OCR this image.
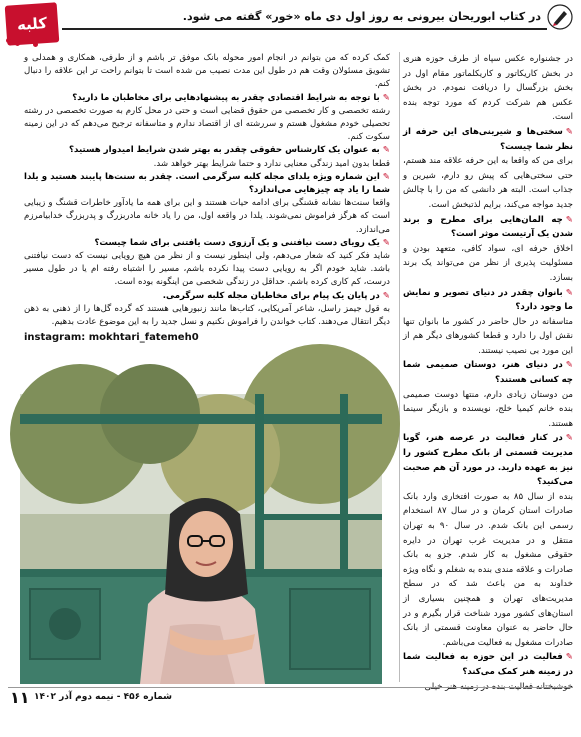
کلبه	در کتاب ابوریحان بیرونی به روز اول دی ماه «خور» گفته می شود.
در جشنواره عکس سپاه از طرف حوزه هنری در بخش کاریکاتور و کاریکلماتور مقام اول در بخش بزرگسال را دریافت نمودم. در بخش عکس هم شرکت کردم که مورد توجه بنده است.
✎سختی‌ها و شیرینی‌های این حرفه از نظر شما چیست؟
برای من که واقعا به این حرفه علاقه مند هستم، حتی سختی‌هایی که پیش رو دارم، شیرین و جذاب است. البته هر دانشی که من را با چالش جدید مواجه می‌کند، برایم لذتبخش است.
✎چه المان‌هایی برای مطرح و برند شدن یک آرتیست موثر است؟
اخلاق حرفه ای، سواد کافی، متعهد بودن و مسئولیت پذیری از نظر من می‌تواند یک برند بسازد.
✎بانوان چقدر در دنیای تصویر و نمایش ما وجود دارد؟
متاسفانه در حال حاضر در کشور ما بانوان تنها نقش اول را دارد و قطعا کشورهای دیگر هم از این مورد بی نصیب نیستند.
✎در دنیای هنر، دوستان صمیمی شما چه کسانی هستند؟
من دوستان زیادی دارم، منتها دوست صمیمی بنده خانم کیمیا خلج، نویسنده و بازیگر سینما هستند.
✎در کنار فعالیت در عرصه هنر، گویا مدیریت قسمتی از بانک مطرح کشور را نیز به عهده دارید. در مورد آن هم صحبت می‌کنید؟
بنده از سال ۸۵ به صورت افتخاری وارد بانک صادرات استان کرمان و در سال ۸۷ استخدام رسمی این بانک شدم. در سال ۹۰ به تهران منتقل و در مدیریت غرب تهران در دایره حقوقی مشغول به کار شدم. جزو به بانک صادرات و علاقه مندی بنده به شغلم و نگاه ویژه خداوند به من باعث شد که در سطح مدیریت‌های تهران و همچنین بسیاری از استان‌های کشور مورد شناخت قرار بگیرم و در حال حاضر به عنوان معاونت قسمتی از بانک صادرات مشغول به فعالیت می‌باشم.
✎فعالیت در این حوزه به فعالیت شما در زمینه هنر کمک می‌کند؟
کمک کرده که من بتوانم در انجام امور محوله بانک موفق تر باشم و از طرفی، همکاری و همدلی و تشویق مسئولان وقت هم در طول این مدت نصیب من شده است تا بتوانم راحت تر این علاقه را دنبال کنم.
✎با توجه به شرایط اقتصادی چقدر به پیشنهادهایی برای مخاطبان ما دارید؟
رشته تخصصی و کار تخصصی من حقوق قضایی است و حتی در محل کارم به صورت تخصصی در رشته تحصیلی خودم مشغول هستم و سررشته ای از اقتصاد ندارم و متاسفانه ترجیح می‌دهم که در این زمینه سکوت کنم.
✎به عنوان یک کارشناس حقوقی چقدر به بهتر شدن شرایط امیدوار هستید؟
قطعا بدون امید زندگی معنایی ندارد و حتما شرایط بهتر خواهد شد.
✎این شماره ویژه یلدای مجله کلبه سرگرمی است. چقدر به سنت‌ها پایبند هستید و یلدا شما را یاد چه چیزهایی می‌اندازد؟
واقعا سنت‌ها نشانه قشنگی برای ادامه حیات هستند و این برای همه ما یادآور خاطرات قشنگ و زیبایی است که هرگز فراموش نمی‌شوند. یلدا در واقعه اول، من را یاد خانه مادربزرگ و پدربزرگ خدابیامرزم می‌اندازد.
✎یک رویای دست نیافتنی و یک آرزوی دست یافتنی برای شما چیست؟
شاید فکر کنید که شعار می‌دهم، ولی اینطور نیست و از نظر من هیچ رویایی نیست که دست نیافتنی باشد. شاید خودم اگر به رویایی دست پیدا نکرده باشم، مسیر را اشتباه رفته ام یا در طول مسیر درست، کم کاری کرده باشم. حداقل در زندگی شخصی من اینگونه بوده است.
✎در پایان یک پیام برای مخاطبان مجله کلبه سرگرمی.
به قول جیمز راسل، شاعر آمریکایی، کتاب‌ها مانند زنبورهایی هستند که گرده گل‌ها را از ذهنی به ذهن دیگر انتقال می‌دهند. کتاب خواندن را فراموش نکنیم و نسل جدید را به این موضوع عادت بدهیم.
instagram: mokhtari_fatemeh0
۱۱ شماره ۴۵۶ - نیمه دوم آذر ۱۴۰۲
